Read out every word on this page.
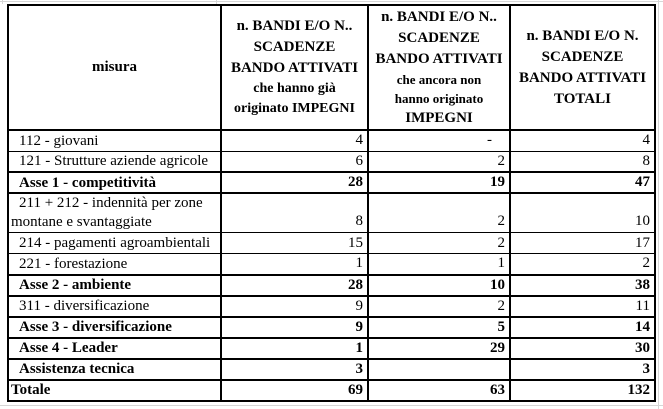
misura

n. BANDI E/O N..
SCADENZE
BANDO ATTIVATI
che hanno già
originato IMPEGNI

n. BANDI E/O N..
SCADENZE
BANDO ATTIVATI
che ancora non
hanno originato
IMPEGNI

n. BANDI E/O N.
SCADENZE
BANDO ATTIVATI
TOTALI

112 - giovani	4	-	4
121 - Strutture aziende agricole	6	2	8
Asse 1 - competitività	28	19	47
211 + 212 - indennità per zone montane e svantaggiate	8	2	10
214 - pagamenti agroambientali	15	2	17
221 - forestazione	1	1	2
Asse 2 - ambiente	28	10	38
311 - diversificazione	9	2	11
Asse 3 - diversificazione	9	5	14
Asse 4 - Leader	1	29	30
Assistenza tecnica	3		3
Totale	69	63	132
